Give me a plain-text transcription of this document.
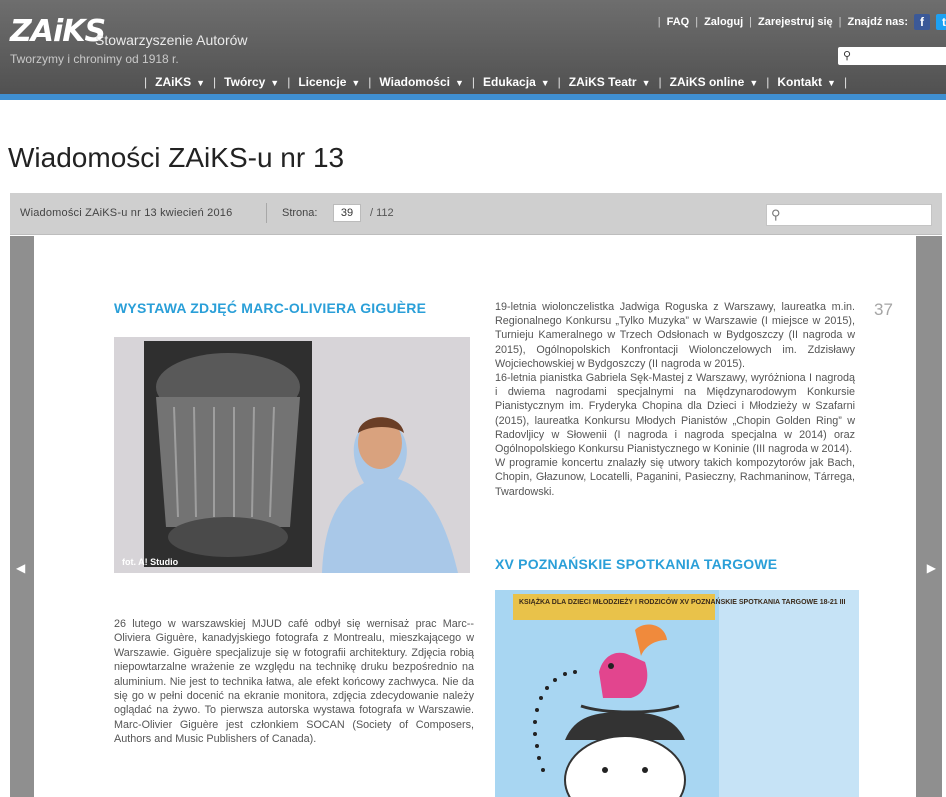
ZAiKS
Stowarzyszenie Autorów
Tworzymy i chronimy od 1918 r.
| FAQ | Zaloguj | Zarejestruj się | Znajdź nas:	f	t
⚲
| ZAiKS ▼ | Twórcy ▼ | Licencje ▼ | Wiadomości ▼ | Edukacja ▼ | ZAiKS Teatr ▼ | ZAiKS online ▼ | Kontakt ▼ |
Wiadomości ZAiKS-u nr 13
Wiadomości ZAiKS-u nr 13 kwiecień 2016	Strona:	39	/ 112	⚲
◀	▶
WYSTAWA ZDJĘĆ MARC-OLIVIERA GIGUÈRE
fot. A! Studio

26 lutego w warszawskiej MJUD café odbył się wernisaż prac Marc--Oliviera Giguère, kanadyjskiego fotografa z Montrealu, mieszkającego w Warszawie. Giguère specjalizuje się w fotografii architektury. Zdjęcia robią niepowtarzalne wrażenie ze względu na technikę druku bezpośrednio na aluminium. Nie jest to technika łatwa, ale efekt końcowy zachwyca. Nie da się go w pełni docenić na ekranie monitora, zdjęcia zdecydowanie należy oglądać na żywo. To pierwsza autorska wystawa fotografa w Warszawie. Marc-Olivier Giguère jest członkiem SOCAN (Society of Composers, Authors and Music Publishers of Canada).

37

19-letnia wiolonczelistka Jadwiga Roguska z Warszawy, laureatka m.in. Regionalnego Konkursu „Tylko Muzyka” w Warszawie (I miejsce w 2015), Turnieju Kameralnego w Trzech Odsłonach w Bydgoszczy (II nagroda w 2015), Ogólnopolskich Konfrontacji Wiolonczelowych im. Zdzisławy Wojciechowskiej w Bydgoszczy (II nagroda w 2015).

16-letnia pianistka Gabriela Sęk-Mastej z Warszawy, wyróżniona I nagrodą i dwiema nagrodami specjalnymi na Międzynarodowym Konkursie Pianistycznym im. Fryderyka Chopina dla Dzieci i Młodzieży w Szafarni (2015), laureatka Konkursu Młodych Pianistów „Chopin Golden Ring” w Radovljicy w Słowenii (I nagroda i nagroda specjalna w 2014) oraz Ogólnopolskiego Konkursu Pianistycznego w Koninie (III nagroda w 2014).

W programie koncertu znalazły się utwory takich kompozytorów jak Bach, Chopin, Głazunow, Locatelli, Paganini, Pasieczny, Rachmaninow, Tárrega, Twardowski.

XV POZNAŃSKIE SPOTKANIA TARGOWE
KSIĄŻKA DLA DZIECI MŁODZIEŻY I RODZICÓW XV POZNAŃSKIE SPOTKANIA TARGOWE 18-21 III
